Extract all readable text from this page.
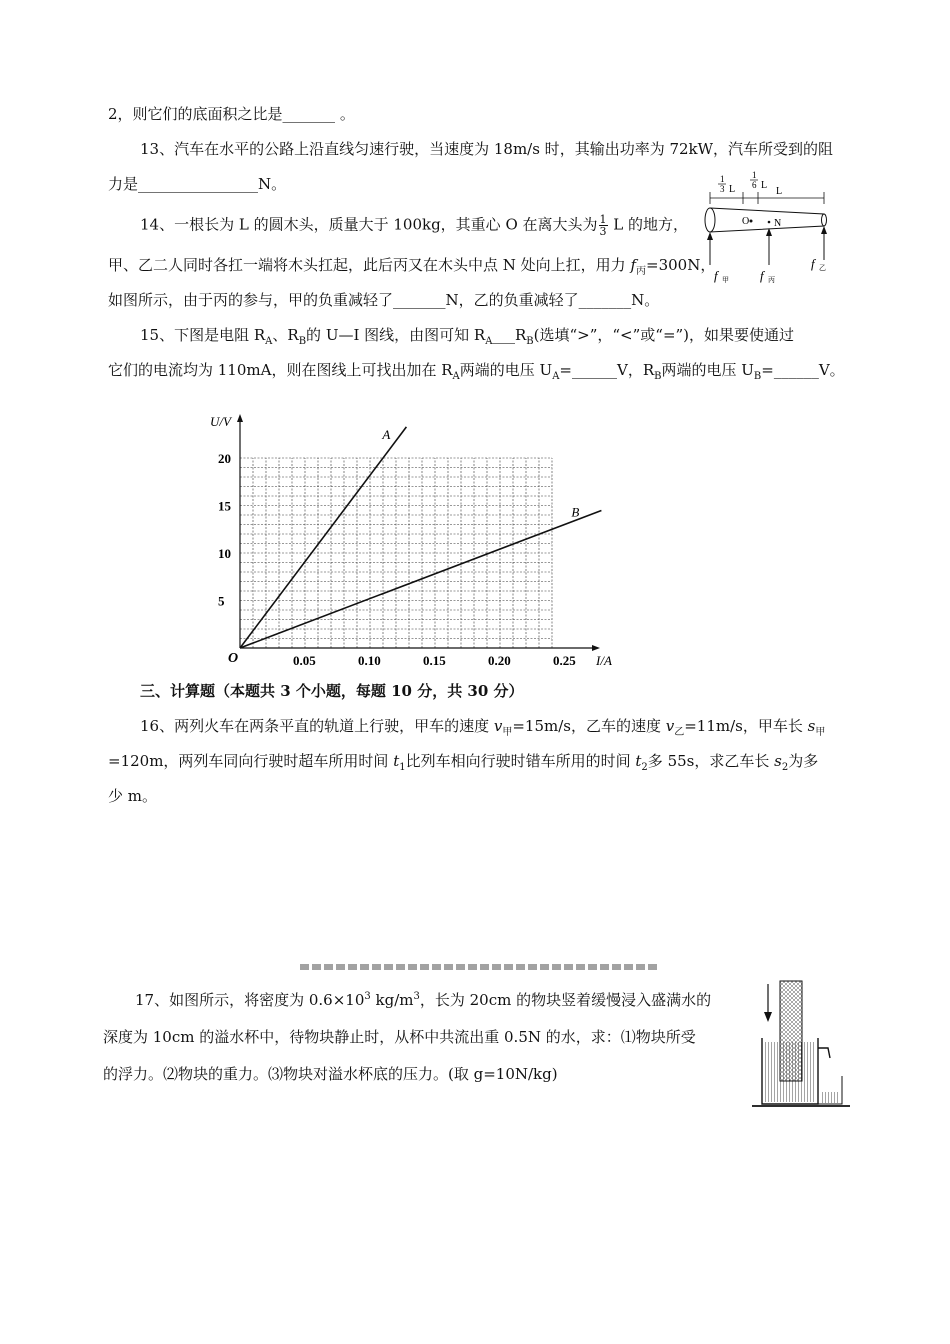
2，则它们的底面积之比是_______ 。
13、汽车在水平的公路上沿直线匀速行驶，当速度为 18m/s 时，其输出功率为 72kW，汽车所受到的阻
力是________________N。
14、一根长为 L 的圆木头，质量大于 100kg，其重心 O 在离大头为 $\frac{1}{3}$ L 的地方，
甲、乙二人同时各扛一端将木头扛起，此后丙又在木头中点 N 处向上扛，用力 $f_丙=300N$，
如图所示，由于丙的参与，甲的负重减轻了_______N，乙的负重减轻了_______N。
1
3 L
1
6 L
L
O N
f 甲 f 丙
f 乙
15、下图是电阻 $R_A$、$R_B$的 U—I 图线，由图可知 $R_A\_\_\_R_B$(选填“>”，“<”或“=”)，如果要使通过
它们的电流均为 110mA，则在图线上可找出加在 $R_A$两端的电压 $U_A=\_\_\_\_\_\_V$，$R_B$两端的电压 $U_B=\_\_\_\_\_\_V$。
0.05	0.10	0.15	0.20	0.25
5
10
15
20
O	I/A
U/V
A
B
三、计算题（本题共 3 个小题，每题 10 分，共 30 分）
16、两列火车在两条平直的轨道上行驶，甲车的速度 $v_甲=15m/s$，乙车的速度 $v_乙=11m/s$，甲车长 $s_甲$
=120m，两列车同向行驶时超车所用时间 $t_1$比列车相向行驶时错车所用的时间 $t_2$多 55s，求乙车长 $s_2$为多
少 m。
17、如图所示，将密度为 $0.6\times 10^3$ $kg/m^3$，长为 20cm 的物块竖着缓慢浸入盛满水的
深度为 10cm 的溢水杯中，待物块静止时，从杯中共流出重 0.5N 的水，求：⑴物块所受
的浮力。⑵物块的重力。⑶物块对溢水杯底的压力。(取 g=10N/kg)
